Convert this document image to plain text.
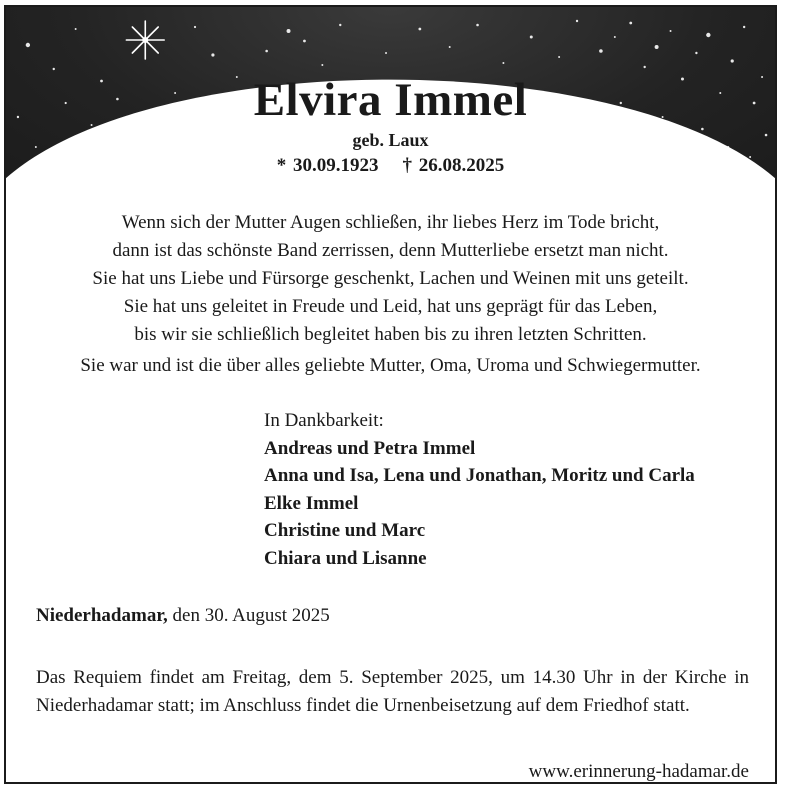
Elvira Immel
geb. Laux
* 30.09.1923 † 26.08.2025
Wenn sich der Mutter Augen schließen, ihr liebes Herz im Tode bricht,
dann ist das schönste Band zerrissen, denn Mutterliebe ersetzt man nicht.
Sie hat uns Liebe und Fürsorge geschenkt, Lachen und Weinen mit uns geteilt.
Sie hat uns geleitet in Freude und Leid, hat uns geprägt für das Leben,
bis wir sie schließlich begleitet haben bis zu ihren letzten Schritten.
Sie war und ist die über alles geliebte Mutter, Oma, Uroma und Schwiegermutter.
In Dankbarkeit:
Andreas und Petra Immel
Anna und Isa, Lena und Jonathan, Moritz und Carla
Elke Immel
Christine und Marc
Chiara und Lisanne
Niederhadamar, den 30. August 2025
Das Requiem findet am Freitag, dem 5. September 2025, um 14.30 Uhr in der Kirche in Niederhadamar statt; im Anschluss findet die Urnenbeisetzung auf dem Friedhof statt.
www.erinnerung-hadamar.de
